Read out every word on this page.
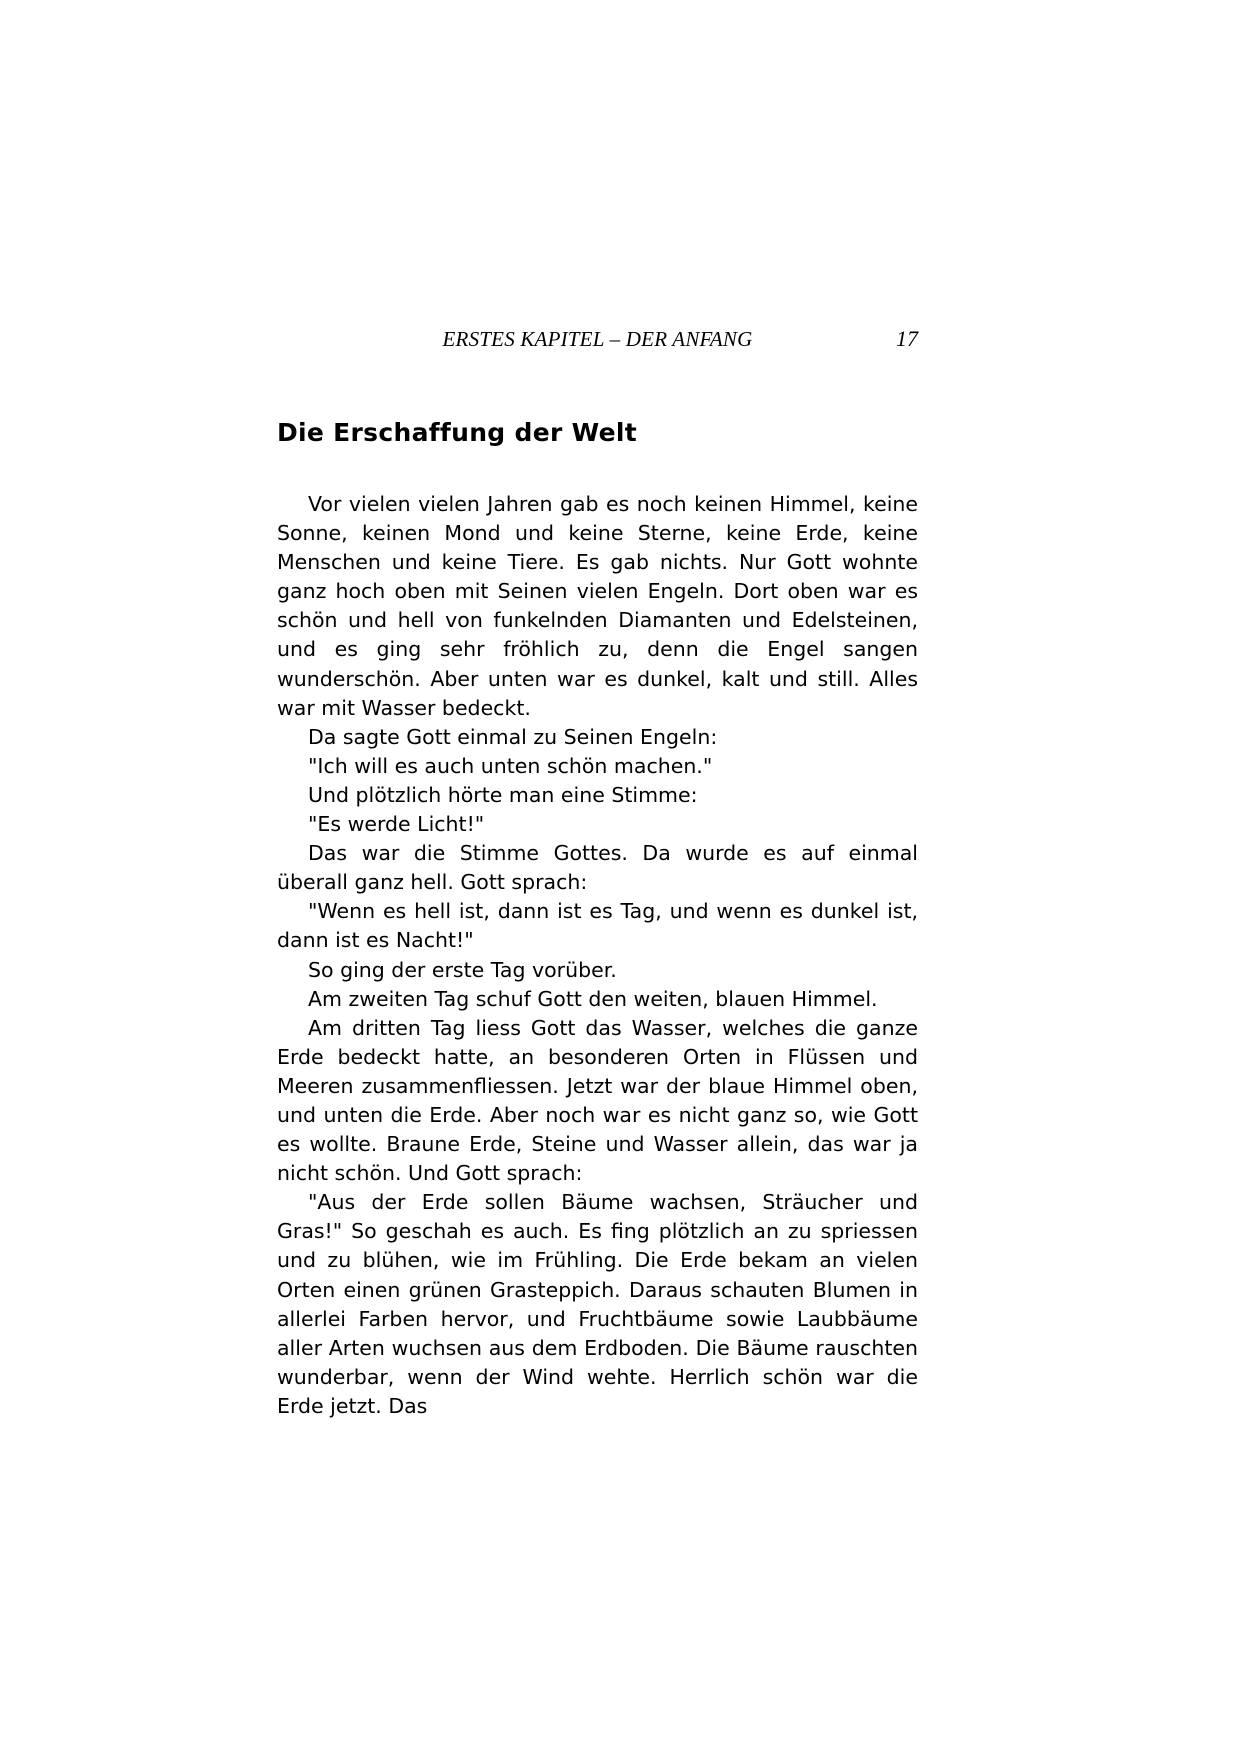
ERSTES KAPITEL – DER ANFANG	17
Die Erschaffung der Welt

Vor vielen vielen Jahren gab es noch keinen Himmel, keine Sonne, keinen Mond und keine Sterne, keine Erde, keine Menschen und keine Tiere. Es gab nichts. Nur Gott wohnte ganz hoch oben mit Seinen vielen Engeln. Dort oben war es schön und hell von funkelnden Diamanten und Edelsteinen, und es ging sehr fröhlich zu, denn die Engel sangen wunderschön. Aber unten war es dunkel, kalt und still. Alles war mit Wasser bedeckt.

Da sagte Gott einmal zu Seinen Engeln:

"Ich will es auch unten schön machen."

Und plötzlich hörte man eine Stimme:

"Es werde Licht!"

Das war die Stimme Gottes. Da wurde es auf einmal überall ganz hell. Gott sprach:

"Wenn es hell ist, dann ist es Tag, und wenn es dunkel ist, dann ist es Nacht!"

So ging der erste Tag vorüber.

Am zweiten Tag schuf Gott den weiten, blauen Himmel.

Am dritten Tag liess Gott das Wasser, welches die ganze Erde bedeckt hatte, an besonderen Orten in Flüssen und Meeren zusammenfliessen. Jetzt war der blaue Himmel oben, und unten die Erde. Aber noch war es nicht ganz so, wie Gott es wollte. Braune Erde, Steine und Wasser allein, das war ja nicht schön. Und Gott sprach:

"Aus der Erde sollen Bäume wachsen, Sträucher und Gras!" So geschah es auch. Es fing plötzlich an zu spriessen und zu blühen, wie im Frühling. Die Erde bekam an vielen Orten einen grünen Grasteppich. Daraus schauten Blumen in allerlei Farben hervor, und Fruchtbäume sowie Laubbäume aller Arten wuchsen aus dem Erdboden. Die Bäume rauschten wunderbar, wenn der Wind wehte. Herrlich schön war die Erde jetzt. Das
